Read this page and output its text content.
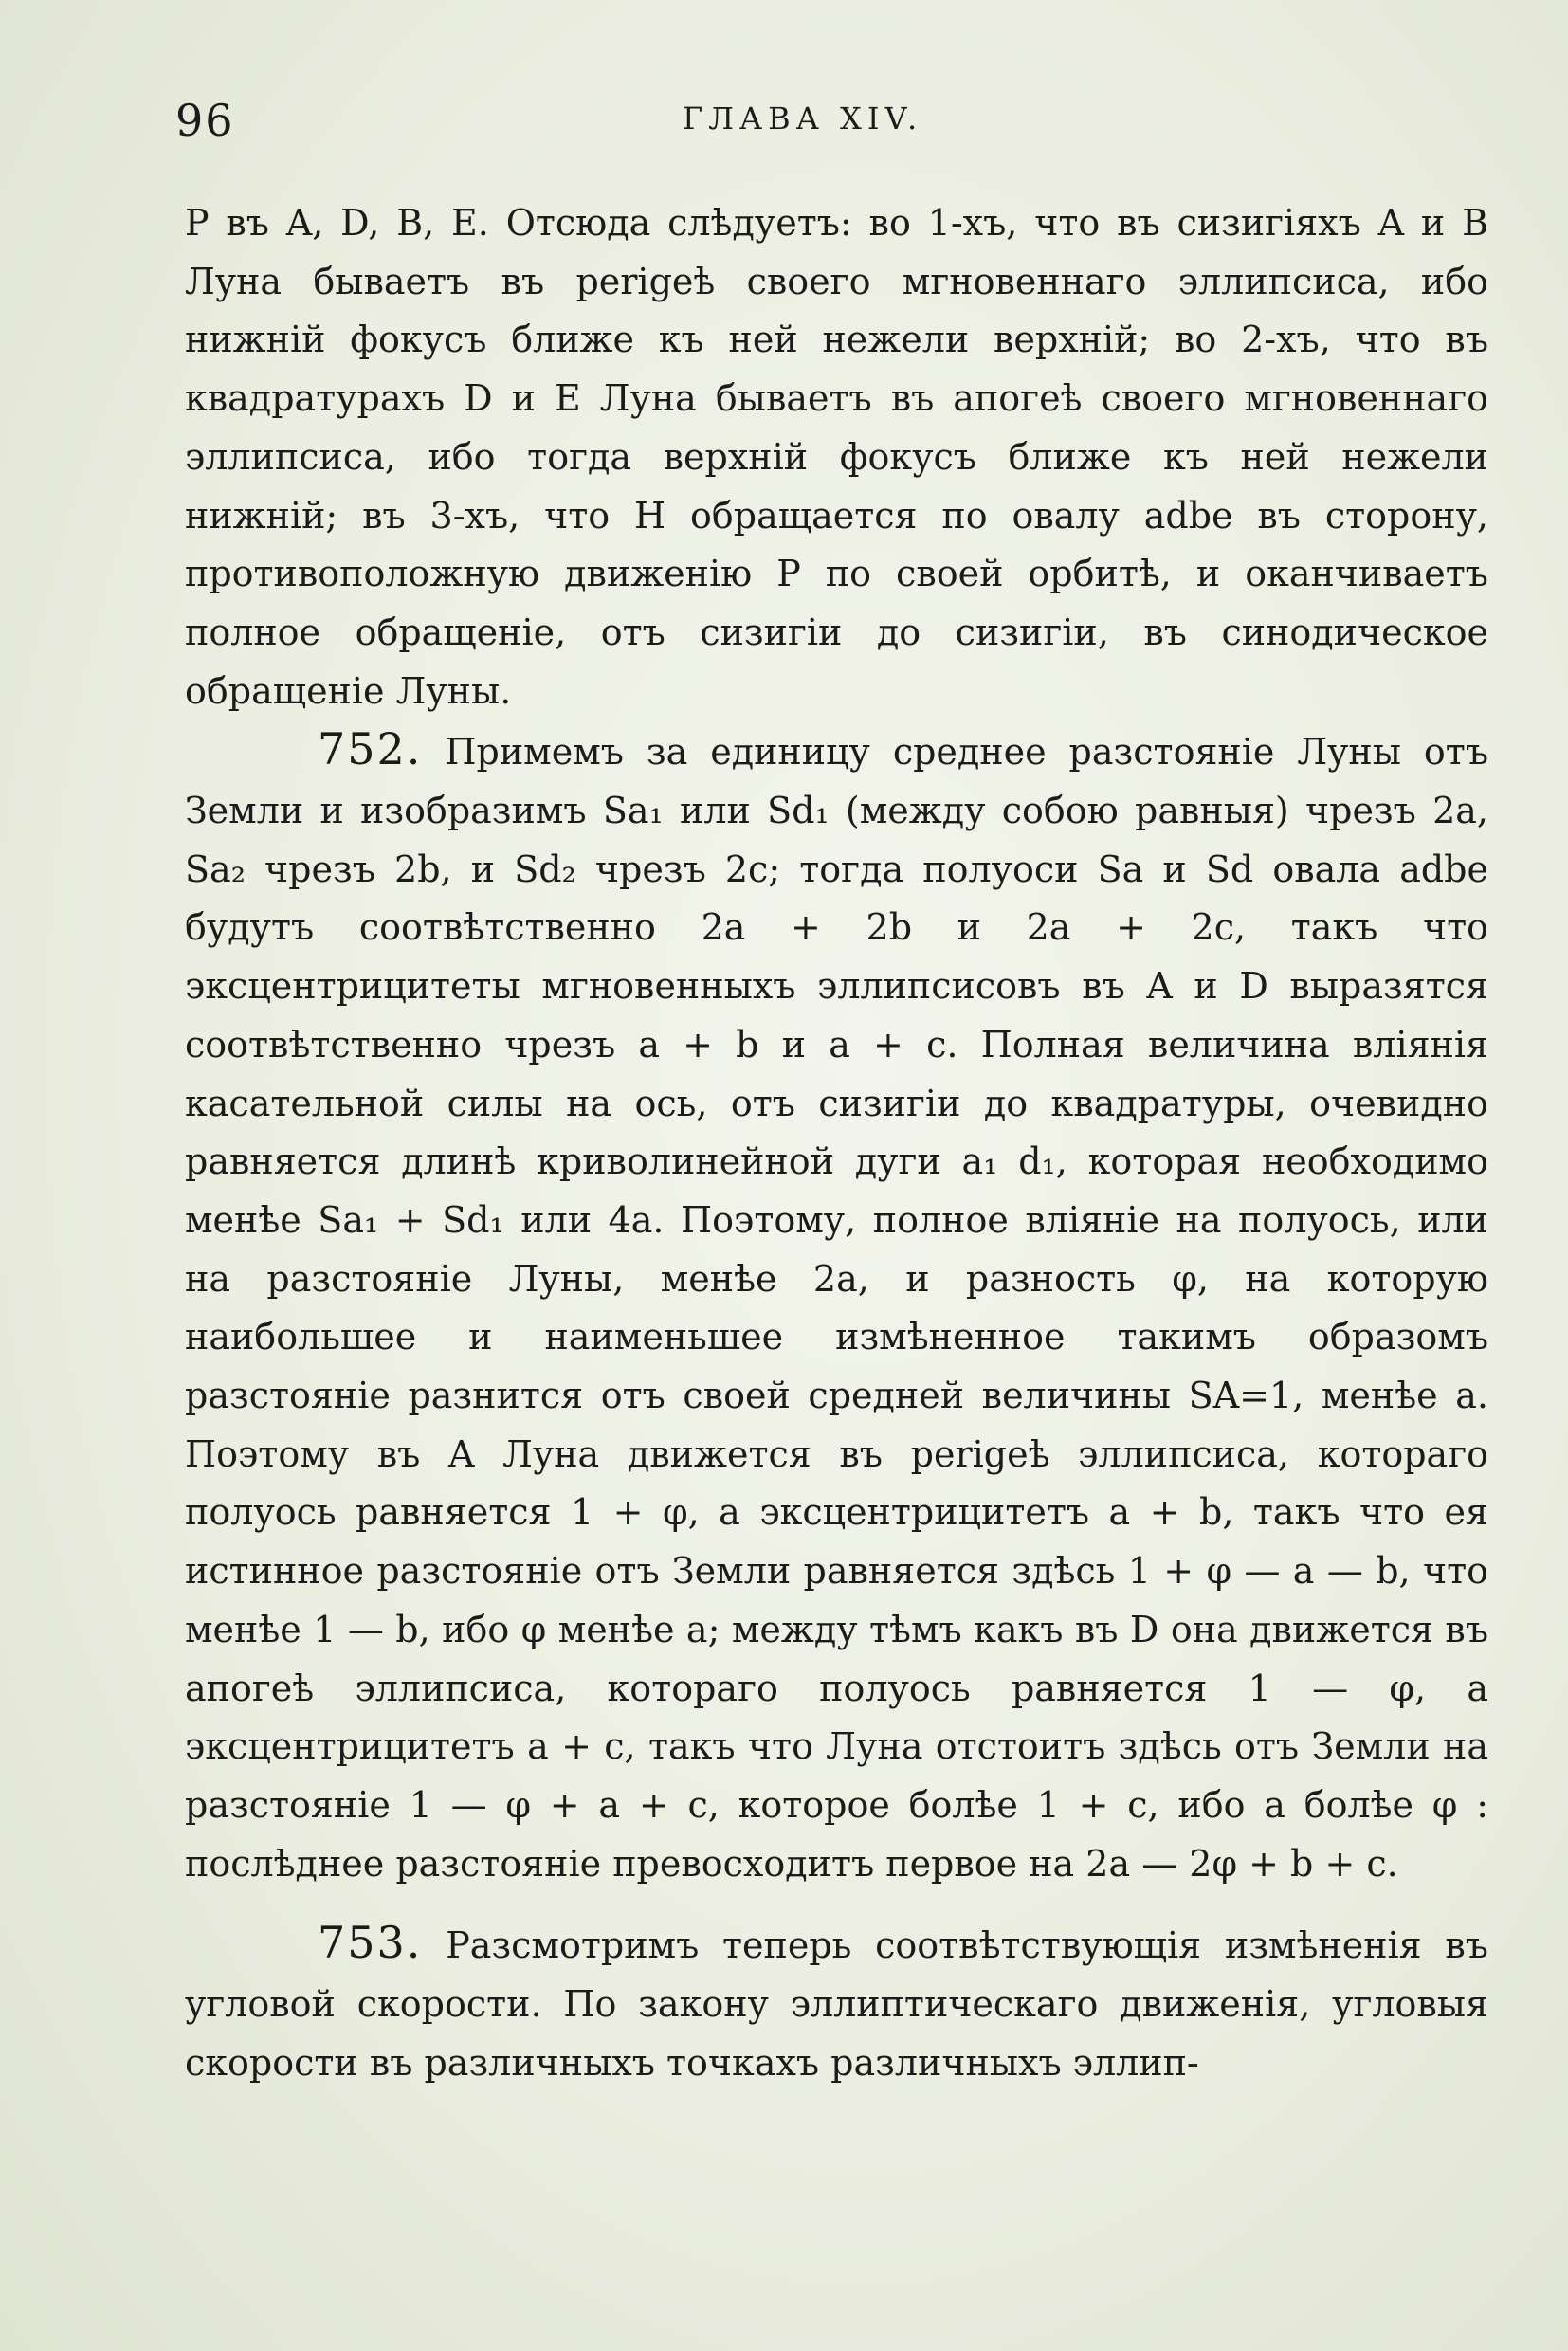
96	ГЛАВА XIV.

P въ A, D, B, E. Отсюда слѣдуетъ: во 1-хъ, что въ сизигіяхъ A и B Луна бываетъ въ perigeѣ своего мгновеннаго эллипсиса, ибо нижній фокусъ ближе къ ней нежели верхній; во 2-хъ, что въ квадратурахъ D и E Луна бываетъ въ апогеѣ своего мгновеннаго эллипсиса, ибо тогда верхній фокусъ ближе къ ней нежели нижній; въ 3-хъ, что H обращается по овалу adbe въ сторону, противоположную движенію P по своей орбитѣ, и оканчиваетъ полное обращеніе, отъ сизигіи до сизигіи, въ синодическое обращеніе Луны.

752. Примемъ за единицу среднее разстояніе Луны отъ Земли и изобразимъ Sa₁ или Sd₁ (между собою равныя) чрезъ 2a, Sa₂ чрезъ 2b, и Sd₂ чрезъ 2c; тогда полуоси Sa и Sd овала adbe будутъ соотвѣтственно 2a + 2b и 2a + 2c, такъ что эксцентрицитеты мгновенныхъ эллипсисовъ въ A и D выразятся соотвѣтственно чрезъ a + b и a + c. Полная величина вліянія касательной силы на ось, отъ сизигіи до квадратуры, очевидно равняется длинѣ криволинейной дуги a₁ d₁, которая необходимо менѣе Sa₁ + Sd₁ или 4a. Поэтому, полное вліяніе на полуось, или на разстояніе Луны, менѣе 2a, и разность φ, на которую наибольшее и наименьшее измѣненное такимъ образомъ разстояніе разнится отъ своей средней величины SA=1, менѣе a. Поэтому въ A Луна движется въ perigeѣ эллипсиса, котораго полуось равняется 1 + φ, а эксцентрицитетъ a + b, такъ что ея истинное разстояніе отъ Земли равняется здѣсь 1 + φ — a — b, что менѣе 1 — b, ибо φ менѣе a; между тѣмъ какъ въ D она движется въ апогеѣ эллипсиса, котораго полуось равняется 1 — φ, а эксцентрицитетъ a + c, такъ что Луна отстоитъ здѣсь отъ Земли на разстояніе 1 — φ + a + c, которое болѣе 1 + c, ибо a болѣе φ : послѣднее разстояніе превосходитъ первое на 2a — 2φ + b + c.

753. Разсмотримъ теперь соотвѣтствующія измѣненія въ угловой скорости. По закону эллиптическаго движенія, угловыя скорости въ различныхъ точкахъ различныхъ эллип-
